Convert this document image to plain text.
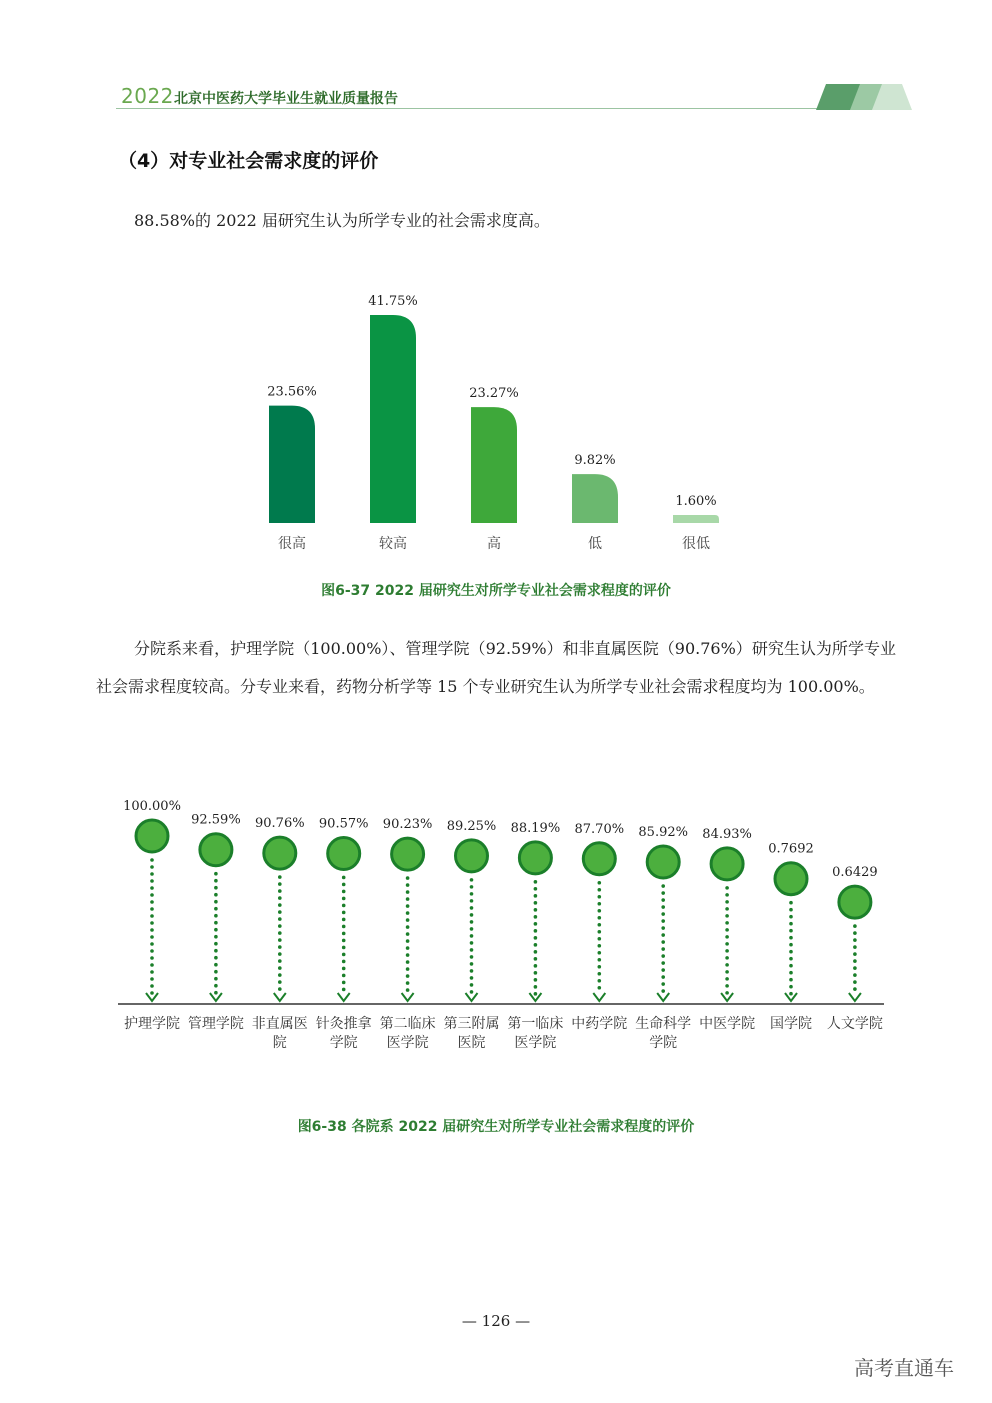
2022 北京中医药大学毕业生就业质量报告
（4）对专业社会需求度的评价
88.58%的 2022 届研究生认为所学专业的社会需求度高。
23.56%
很高
41.75%
较高
23.27%
高
9.82%
低
1.60%
很低
图6-37 2022 届研究生对所学专业社会需求程度的评价
分院系来看，护理学院（100.00%）、管理学院（92.59%）和非直属医院（90.76%）研究生认为所学专业社会需求程度较高。分专业来看，药物分析学等 15 个专业研究生认为所学专业社会需求程度均为 100.00%。
100.00%
护理学院
92.59%
管理学院
90.76%
非直属医
院
90.57%
针灸推拿
学院
90.23%
第二临床
医学院
89.25%
第三附属
医院
88.19%
第一临床
医学院
87.70%
中药学院
85.92%
生命科学
学院
84.93%
中医学院
0.7692
国学院
0.6429
人文学院
图6-38 各院系 2022 届研究生对所学专业社会需求程度的评价
— 126 —
高考直通车
